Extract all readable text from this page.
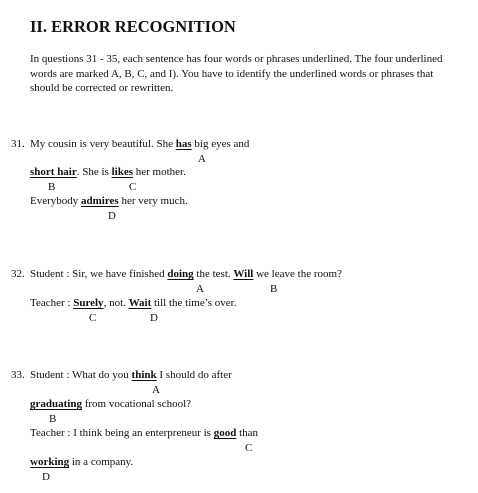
II. ERROR RECOGNITION

In questions 31 - 35, each sentence has four words or phrases underlined. The four underlined words are marked A, B, C, and I). You have to identify the underlined words or phrases that should be corrected or rewritten.

31. My cousin is very beautiful. She has big eyes and
A
short hair. She is likes her mother.
B	C
Everybody admires her very much.
D
32. Student : Sir, we have finished doing the test. Will we leave the room?
A	B
Teacher : Surely, not. Wait till the time’s over.
C	D
33. Student : What do you think I should do after
A
graduating from vocational school?
B
Teacher : I think being an enterpreneur is good than
C
working in a company.
D
